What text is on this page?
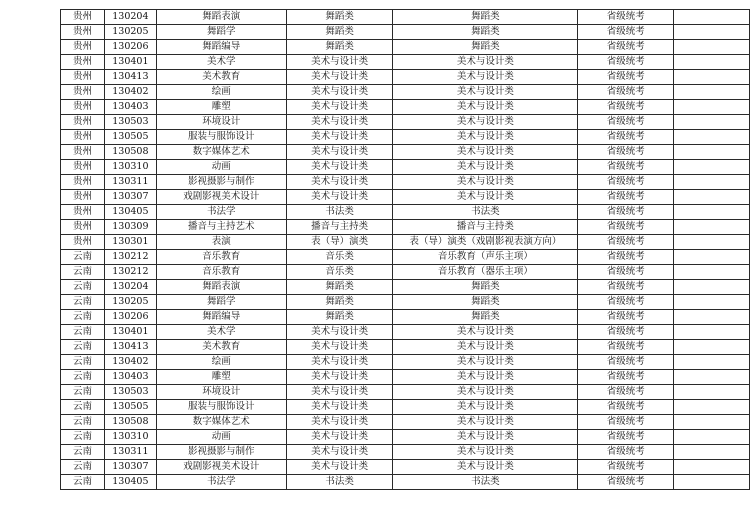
贵州	130204	舞蹈表演	舞蹈类	舞蹈类	省级统考	
贵州	130205	舞蹈学	舞蹈类	舞蹈类	省级统考	
贵州	130206	舞蹈编导	舞蹈类	舞蹈类	省级统考	
贵州	130401	美术学	美术与设计类	美术与设计类	省级统考	
贵州	130413	美术教育	美术与设计类	美术与设计类	省级统考	
贵州	130402	绘画	美术与设计类	美术与设计类	省级统考	
贵州	130403	雕塑	美术与设计类	美术与设计类	省级统考	
贵州	130503	环境设计	美术与设计类	美术与设计类	省级统考	
贵州	130505	服装与服饰设计	美术与设计类	美术与设计类	省级统考	
贵州	130508	数字媒体艺术	美术与设计类	美术与设计类	省级统考	
贵州	130310	动画	美术与设计类	美术与设计类	省级统考	
贵州	130311	影视摄影与制作	美术与设计类	美术与设计类	省级统考	
贵州	130307	戏剧影视美术设计	美术与设计类	美术与设计类	省级统考	
贵州	130405	书法学	书法类	书法类	省级统考	
贵州	130309	播音与主持艺术	播音与主持类	播音与主持类	省级统考	
贵州	130301	表演	表（导）演类	表（导）演类（戏剧影视表演方向）	省级统考	
云南	130212	音乐教育	音乐类	音乐教育（声乐主项）	省级统考	
云南	130212	音乐教育	音乐类	音乐教育（器乐主项）	省级统考	
云南	130204	舞蹈表演	舞蹈类	舞蹈类	省级统考	
云南	130205	舞蹈学	舞蹈类	舞蹈类	省级统考	
云南	130206	舞蹈编导	舞蹈类	舞蹈类	省级统考	
云南	130401	美术学	美术与设计类	美术与设计类	省级统考	
云南	130413	美术教育	美术与设计类	美术与设计类	省级统考	
云南	130402	绘画	美术与设计类	美术与设计类	省级统考	
云南	130403	雕塑	美术与设计类	美术与设计类	省级统考	
云南	130503	环境设计	美术与设计类	美术与设计类	省级统考	
云南	130505	服装与服饰设计	美术与设计类	美术与设计类	省级统考	
云南	130508	数字媒体艺术	美术与设计类	美术与设计类	省级统考	
云南	130310	动画	美术与设计类	美术与设计类	省级统考	
云南	130311	影视摄影与制作	美术与设计类	美术与设计类	省级统考	
云南	130307	戏剧影视美术设计	美术与设计类	美术与设计类	省级统考	
云南	130405	书法学	书法类	书法类	省级统考	
